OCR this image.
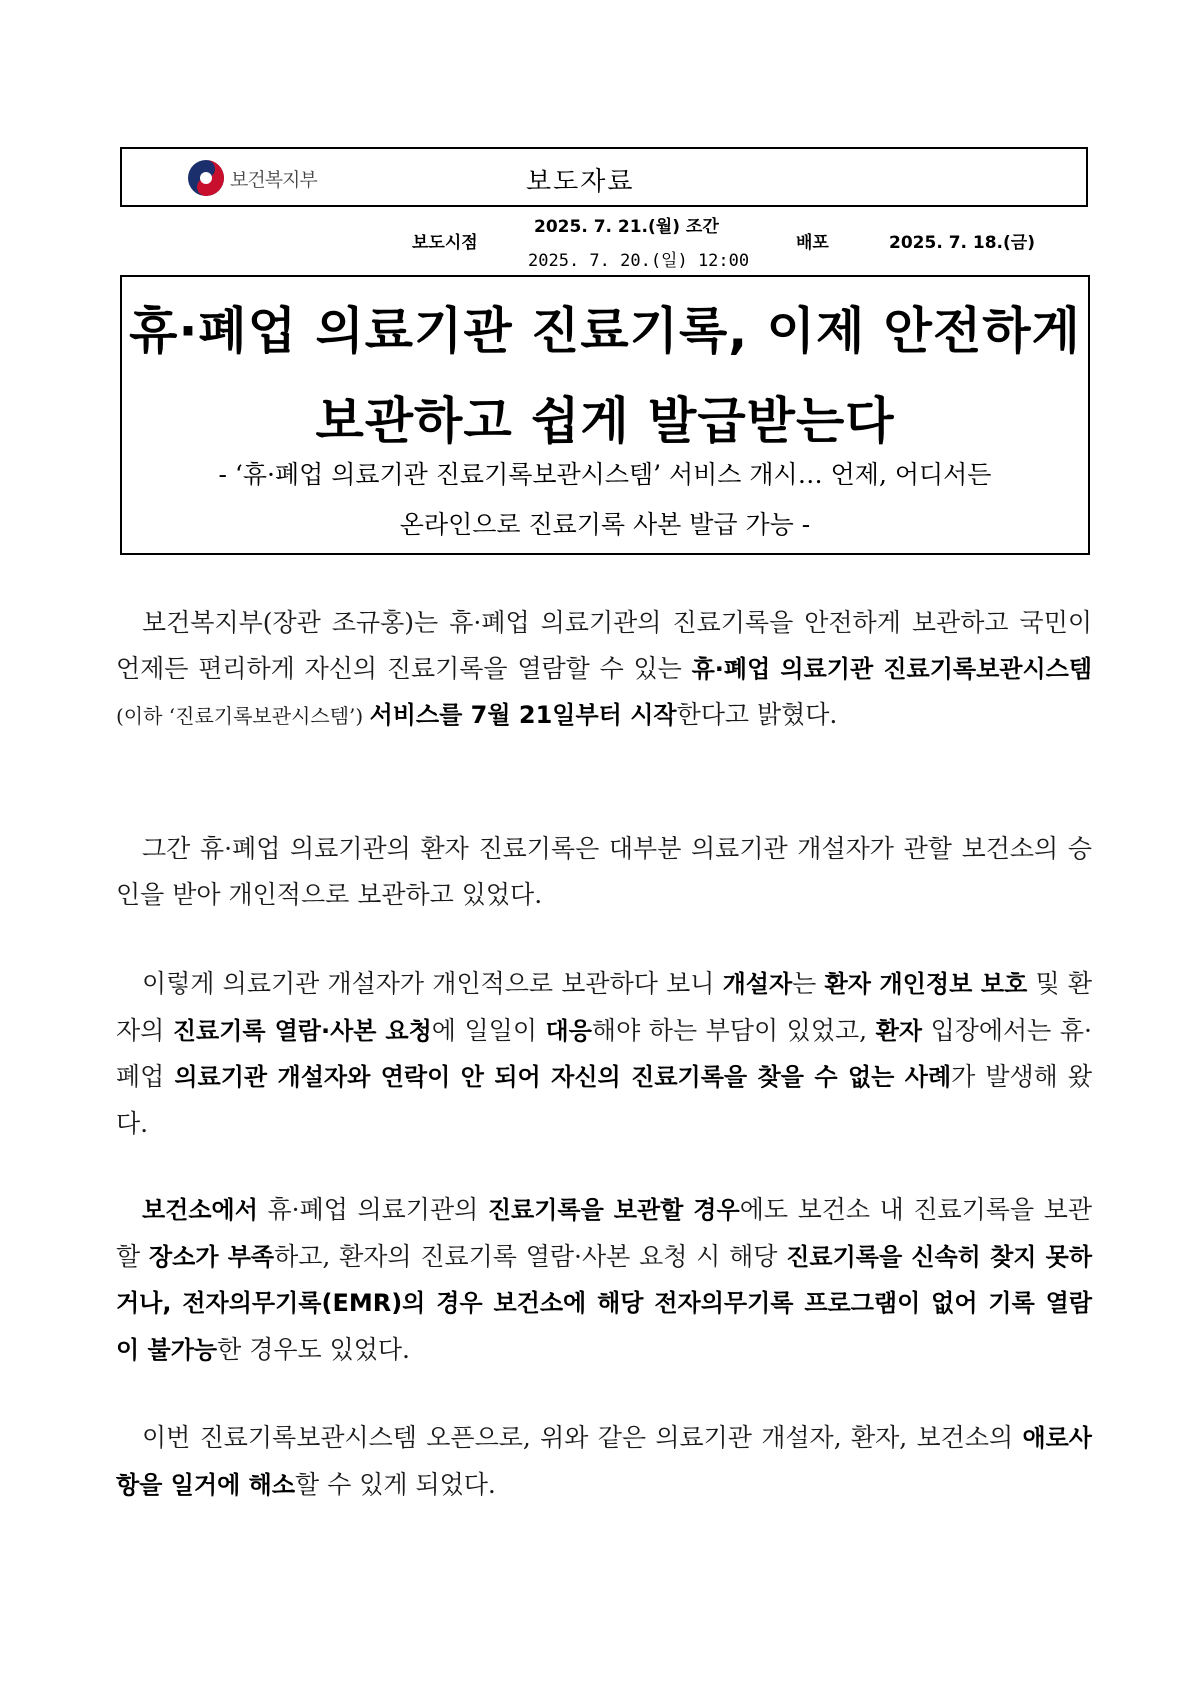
보건복지부	보도자료
보도시점
2025. 7. 21.(월) 조간
2025. 7. 20.(일) 12:00
배포	2025. 7. 18.(금)
휴·폐업 의료기관 진료기록, 이제 안전하게
보관하고 쉽게 발급받는다
- ‘휴·폐업 의료기관 진료기록보관시스템’ 서비스 개시… 언제, 어디서든
온라인으로 진료기록 사본 발급 가능 -

보건복지부(장관 조규홍)는 휴·폐업 의료기관의 진료기록을 안전하게 보관하고 국민이 언제든 편리하게 자신의 진료기록을 열람할 수 있는 휴·폐업 의료기관 진료기록보관시스템(이하 ‘진료기록보관시스템’) 서비스를 7월 21일부터 시작한다고 밝혔다.

그간 휴·폐업 의료기관의 환자 진료기록은 대부분 의료기관 개설자가 관할 보건소의 승인을 받아 개인적으로 보관하고 있었다.

이렇게 의료기관 개설자가 개인적으로 보관하다 보니 개설자는 환자 개인정보 보호 및 환자의 진료기록 열람·사본 요청에 일일이 대응해야 하는 부담이 있었고, 환자 입장에서는 휴·폐업 의료기관 개설자와 연락이 안 되어 자신의 진료기록을 찾을 수 없는 사례가 발생해 왔다.

보건소에서 휴·폐업 의료기관의 진료기록을 보관할 경우에도 보건소 내 진료기록을 보관할 장소가 부족하고, 환자의 진료기록 열람·사본 요청 시 해당 진료기록을 신속히 찾지 못하거나, 전자의무기록(EMR)의 경우 보건소에 해당 전자의무기록 프로그램이 없어 기록 열람이 불가능한 경우도 있었다.

이번 진료기록보관시스템 오픈으로, 위와 같은 의료기관 개설자, 환자, 보건소의 애로사항을 일거에 해소할 수 있게 되었다.
